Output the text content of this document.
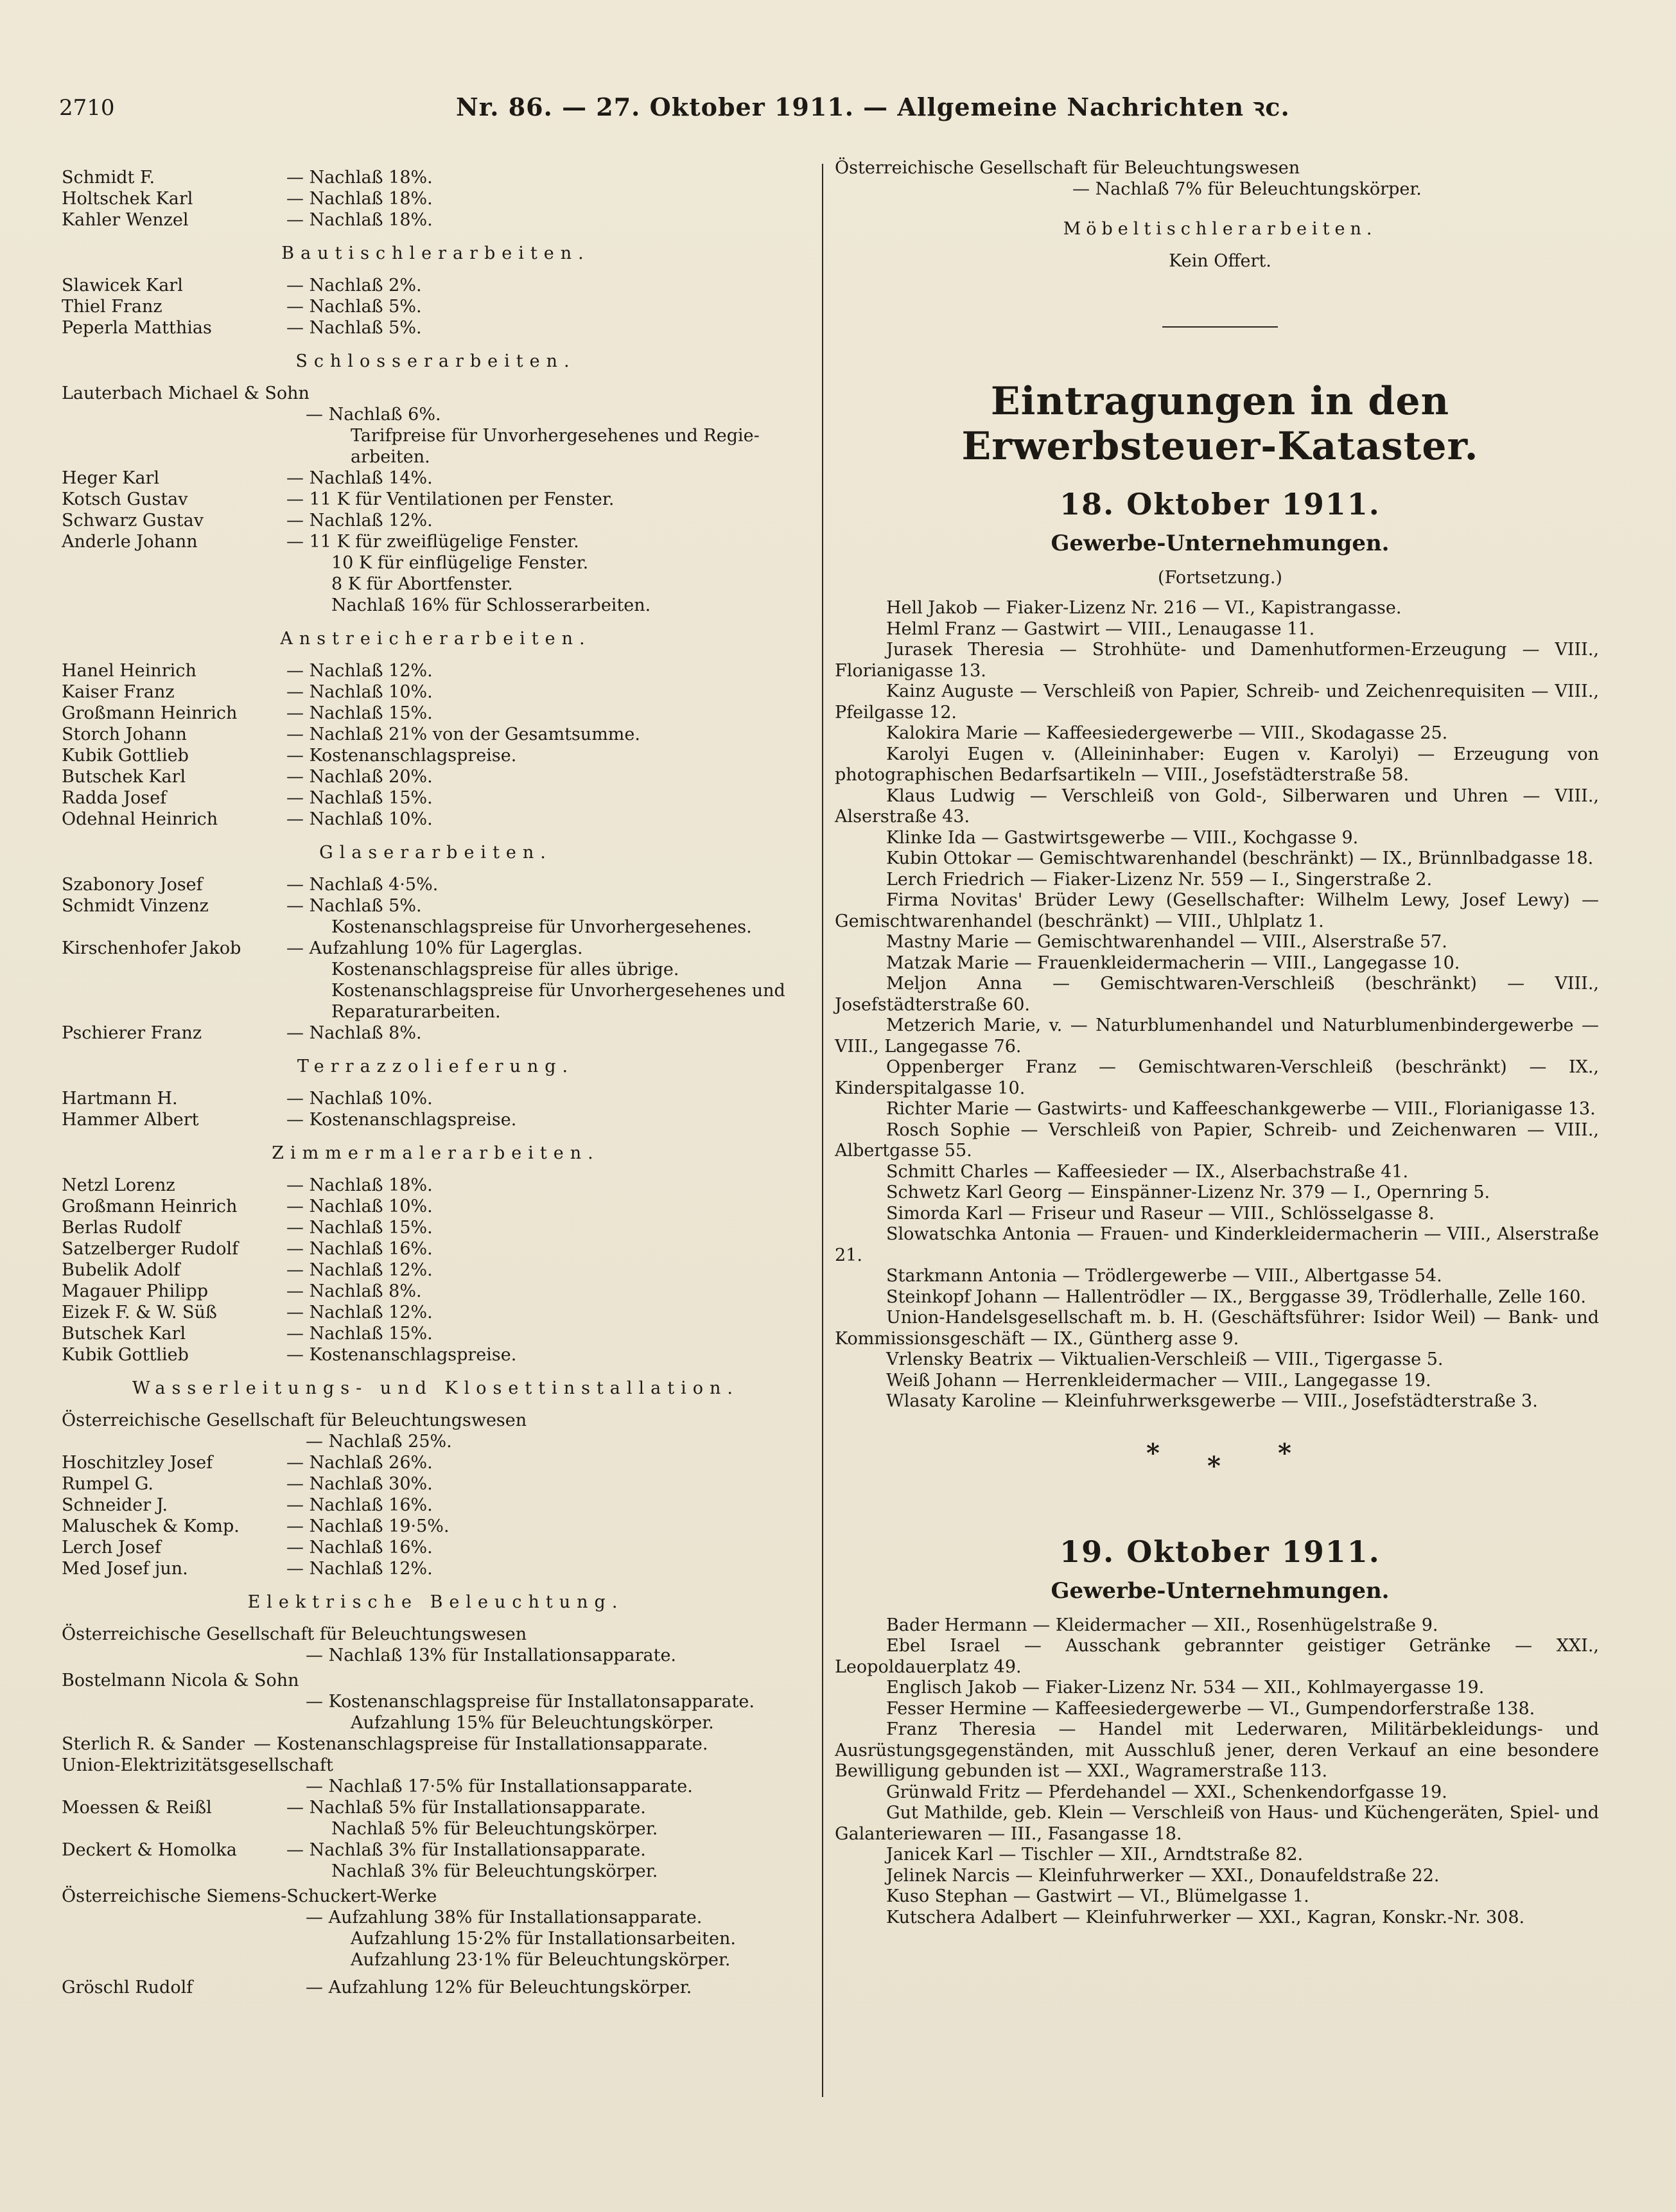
2710	Nr. 86. — 27. Oktober 1911. — Allgemeine Nachrichten ꝛc.
Schmidt F.	— Nachlaß 18%.
Holtschek Karl	— Nachlaß 18%.
Kahler Wenzel	— Nachlaß 18%.
Bautischlerarbeiten.
Slawicek Karl	— Nachlaß 2%.
Thiel Franz	— Nachlaß 5%.
Peperla Matthias	— Nachlaß 5%.
Schlosserarbeiten.
Lauterbach Michael & Sohn
— Nachlaß 6%.
Tarifpreise für Unvorhergesehenes und Regie-
arbeiten.
Heger Karl	— Nachlaß 14%.
Kotsch Gustav	— 11 K für Ventilationen per Fenster.
Schwarz Gustav	— Nachlaß 12%.
Anderle Johann	— 11 K für zweiflügelige Fenster.
10 K für einflügelige Fenster.
8 K für Abortfenster.
Nachlaß 16% für Schlosserarbeiten.
Anstreicherarbeiten.
Hanel Heinrich	— Nachlaß 12%.
Kaiser Franz	— Nachlaß 10%.
Großmann Heinrich	— Nachlaß 15%.
Storch Johann	— Nachlaß 21% von der Gesamtsumme.
Kubik Gottlieb	— Kostenanschlagspreise.
Butschek Karl	— Nachlaß 20%.
Radda Josef	— Nachlaß 15%.
Odehnal Heinrich	— Nachlaß 10%.
Glaserarbeiten.
Szabonory Josef	— Nachlaß 4·5%.
Schmidt Vinzenz	— Nachlaß 5%.
Kostenanschlagspreise für Unvorhergesehenes.
Kirschenhofer Jakob	— Aufzahlung 10% für Lagerglas.
Kostenanschlagspreise für alles übrige.
Kostenanschlagspreise für Unvorhergesehenes und
Reparaturarbeiten.
Pschierer Franz	— Nachlaß 8%.
Terrazzolieferung.
Hartmann H.	— Nachlaß 10%.
Hammer Albert	— Kostenanschlagspreise.
Zimmermalerarbeiten.
Netzl Lorenz	— Nachlaß 18%.
Großmann Heinrich	— Nachlaß 10%.
Berlas Rudolf	— Nachlaß 15%.
Satzelberger Rudolf	— Nachlaß 16%.
Bubelik Adolf	— Nachlaß 12%.
Magauer Philipp	— Nachlaß 8%.
Eizek F. & W. Süß	— Nachlaß 12%.
Butschek Karl	— Nachlaß 15%.
Kubik Gottlieb	— Kostenanschlagspreise.
Wasserleitungs- und Klosettinstallation.
Österreichische Gesellschaft für Beleuchtungswesen
— Nachlaß 25%.
Hoschitzley Josef	— Nachlaß 26%.
Rumpel G.	— Nachlaß 30%.
Schneider J.	— Nachlaß 16%.
Maluschek & Komp.	— Nachlaß 19·5%.
Lerch Josef	— Nachlaß 16%.
Med Josef jun.	— Nachlaß 12%.
Elektrische Beleuchtung.
Österreichische Gesellschaft für Beleuchtungswesen
— Nachlaß 13% für Installationsapparate.
Bostelmann Nicola & Sohn
— Kostenanschlagspreise für Installatonsapparate.
Aufzahlung 15% für Beleuchtungskörper.
Sterlich R. & Sander — Kostenanschlagspreise für Installationsapparate.
Union-Elektrizitätsgesellschaft
— Nachlaß 17·5% für Installationsapparate.
Moessen & Reißl	— Nachlaß 5% für Installationsapparate.
Nachlaß 5% für Beleuchtungskörper.
Deckert & Homolka	— Nachlaß 3% für Installationsapparate.
Nachlaß 3% für Beleuchtungskörper.
Österreichische Siemens-Schuckert-Werke
— Aufzahlung 38% für Installationsapparate.
Aufzahlung 15·2% für Installationsarbeiten.
Aufzahlung 23·1% für Beleuchtungskörper.
Gröschl Rudolf	— Aufzahlung 12% für Beleuchtungskörper.
Österreichische Gesellschaft für Beleuchtungswesen
— Nachlaß 7% für Beleuchtungskörper.
Möbeltischlerarbeiten.
Kein Offert.
Eintragungen in den Erwerbsteuer-Kataster.
18. Oktober 1911.
Gewerbe-Unternehmungen.
(Fortsetzung.)
Hell Jakob — Fiaker-Lizenz Nr. 216 — VI., Kapistrangasse.
Helml Franz — Gastwirt — VIII., Lenaugasse 11.
Jurasek Theresia — Strohhüte- und Damenhutformen-Erzeugung — VIII., Florianigasse 13.
Kainz Auguste — Verschleiß von Papier, Schreib- und Zeichenrequisiten — VIII., Pfeilgasse 12.
Kalokira Marie — Kaffeesiedergewerbe — VIII., Skodagasse 25.
Karolyi Eugen v. (Alleininhaber: Eugen v. Karolyi) — Erzeugung von photographischen Bedarfsartikeln — VIII., Josefstädterstraße 58.
Klaus Ludwig — Verschleiß von Gold-, Silberwaren und Uhren — VIII., Alserstraße 43.
Klinke Ida — Gastwirtsgewerbe — VIII., Kochgasse 9.
Kubin Ottokar — Gemischtwarenhandel (beschränkt) — IX., Brünnlbadgasse 18.
Lerch Friedrich — Fiaker-Lizenz Nr. 559 — I., Singerstraße 2.
Firma Novitas' Brüder Lewy (Gesellschafter: Wilhelm Lewy, Josef Lewy) — Gemischtwarenhandel (beschränkt) — VIII., Uhlplatz 1.
Mastny Marie — Gemischtwarenhandel — VIII., Alserstraße 57.
Matzak Marie — Frauenkleidermacherin — VIII., Langegasse 10.
Meljon Anna — Gemischtwaren-Verschleiß (beschränkt) — VIII., Josefstädterstraße 60.
Metzerich Marie, v. — Naturblumenhandel und Naturblumenbindergewerbe — VIII., Langegasse 76.
Oppenberger Franz — Gemischtwaren-Verschleiß (beschränkt) — IX., Kinderspitalgasse 10.
Richter Marie — Gastwirts- und Kaffeeschankgewerbe — VIII., Florianigasse 13.
Rosch Sophie — Verschleiß von Papier, Schreib- und Zeichenwaren — VIII., Albertgasse 55.
Schmitt Charles — Kaffeesieder — IX., Alserbachstraße 41.
Schwetz Karl Georg — Einspänner-Lizenz Nr. 379 — I., Opernring 5.
Simorda Karl — Friseur und Raseur — VIII., Schlösselgasse 8.
Slowatschka Antonia — Frauen- und Kinderkleidermacherin — VIII., Alserstraße 21.
Starkmann Antonia — Trödlergewerbe — VIII., Albertgasse 54.
Steinkopf Johann — Hallentrödler — IX., Berggasse 39, Trödlerhalle, Zelle 160.
Union-Handelsgesellschaft m. b. H. (Geschäftsführer: Isidor Weil) — Bank- und Kommissionsgeschäft — IX., Güntherg asse 9.
Vrlensky Beatrix — Viktualien-Verschleiß — VIII., Tigergasse 5.
Weiß Johann — Herrenkleidermacher — VIII., Langegasse 19.
Wlasaty Karoline — Kleinfuhrwerksgewerbe — VIII., Josefstädterstraße 3.
* * *
19. Oktober 1911.
Gewerbe-Unternehmungen.
Bader Hermann — Kleidermacher — XII., Rosenhügelstraße 9.
Ebel Israel — Ausschank gebrannter geistiger Getränke — XXI., Leopoldauerplatz 49.
Englisch Jakob — Fiaker-Lizenz Nr. 534 — XII., Kohlmayergasse 19.
Fesser Hermine — Kaffeesiedergewerbe — VI., Gumpendorferstraße 138.
Franz Theresia — Handel mit Lederwaren, Militärbekleidungs- und Ausrüstungsgegenständen, mit Ausschluß jener, deren Verkauf an eine besondere Bewilligung gebunden ist — XXI., Wagramerstraße 113.
Grünwald Fritz — Pferdehandel — XXI., Schenkendorfgasse 19.
Gut Mathilde, geb. Klein — Verschleiß von Haus- und Küchengeräten, Spiel- und Galanteriewaren — III., Fasangasse 18.
Janicek Karl — Tischler — XII., Arndtstraße 82.
Jelinek Narcis — Kleinfuhrwerker — XXI., Donaufeldstraße 22.
Kuso Stephan — Gastwirt — VI., Blümelgasse 1.
Kutschera Adalbert — Kleinfuhrwerker — XXI., Kagran, Konskr.-Nr. 308.
